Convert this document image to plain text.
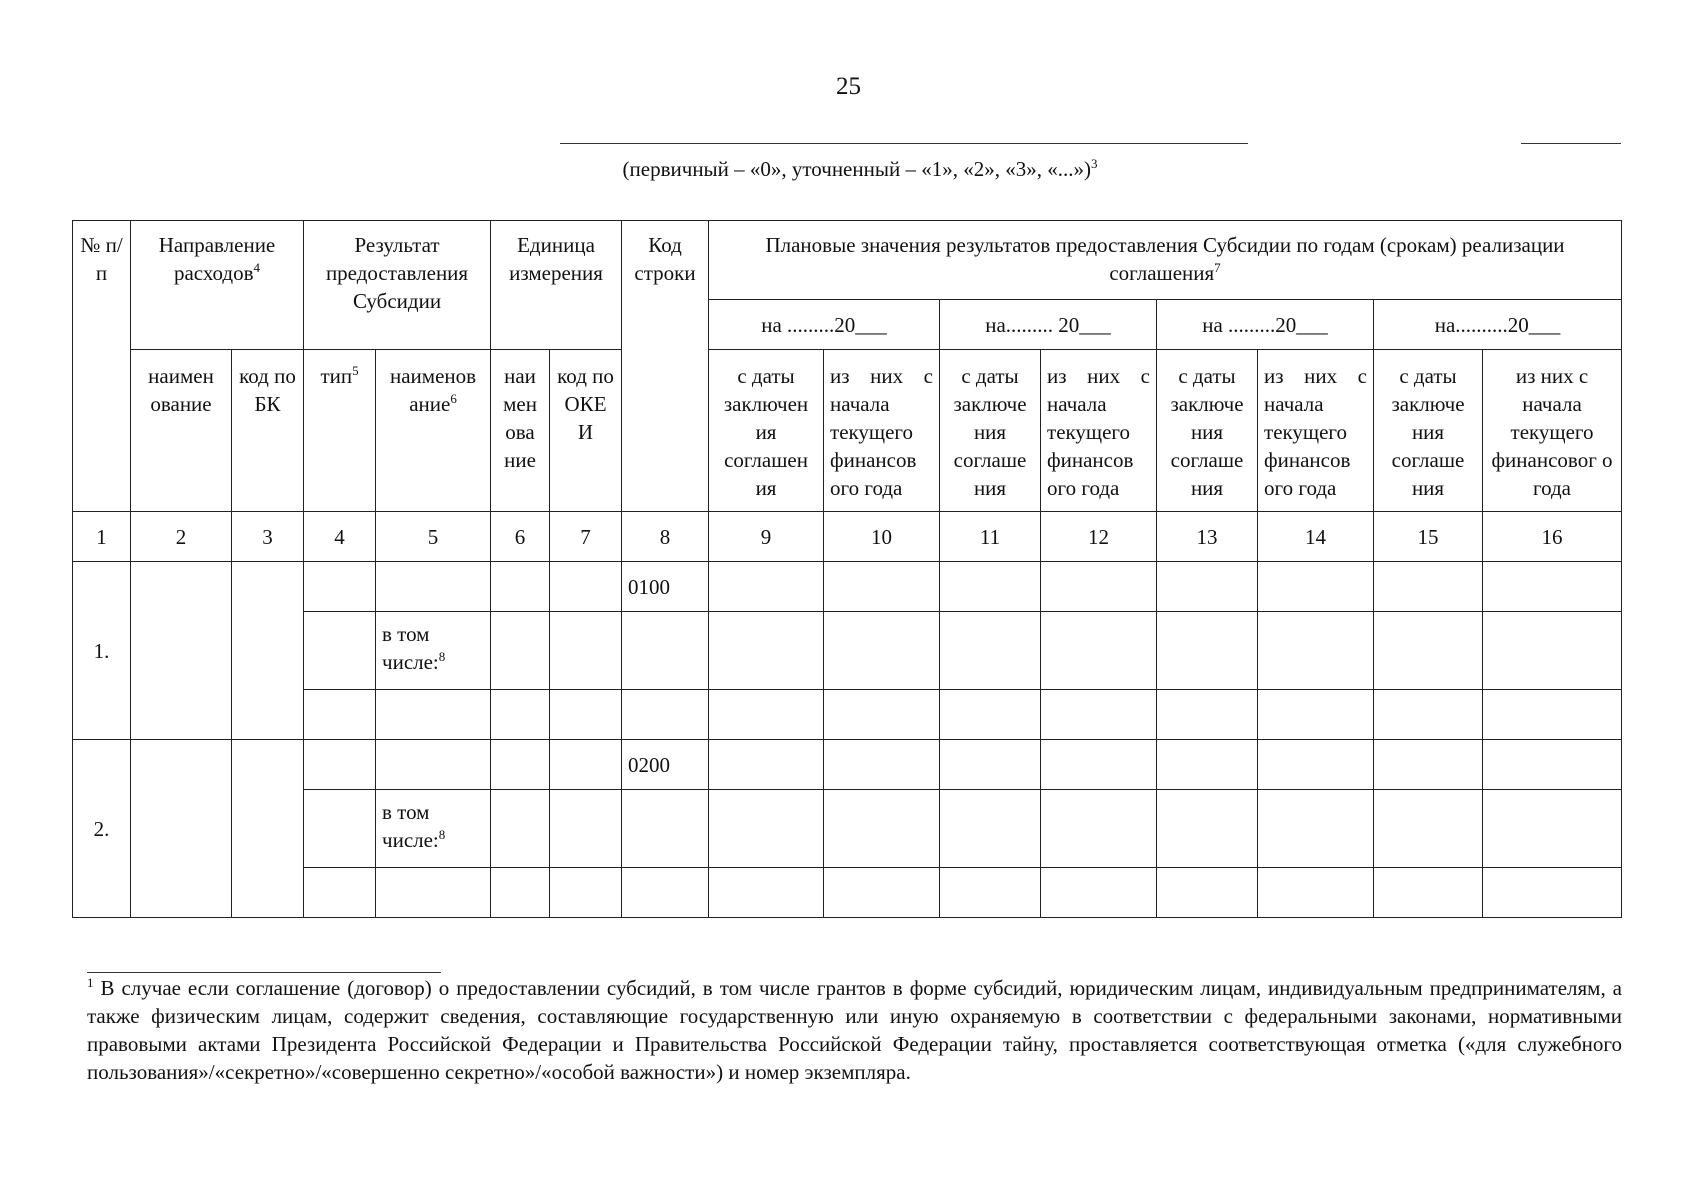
25
(первичный – «0», уточненный – «1», «2», «3», «...»)$^3$
№ п/п	Направление расходов$^4$		Результат предоставления Субсидии		Единица измерения		Код строки	Плановые значения результатов предоставления Субсидии по годам (срокам) реализации соглашения$^7$
								на .........20___		на......... 20___		на .........20___		на..........20___	
	наимен ование	код по БК	тип$^5$	наименов ание$^6$	наи мен ова ние	код по ОКЕ И		с даты заключен ия соглашен ия	из них с начала текущего финансов ого года	с даты заключе ния соглаше ния	из них с начала текущего финансов ого года	с даты заключе ния соглаше ния	из них с начала текущего финансов ого года	с даты заключе ния соглаше ния	из них с начала текущего финансовог о года
1	2	3	4	5	6	7	8	9	10	11	12	13	14	15	16
1.							0100								
				в том числе:$^8$											

2.							0200								
				в том числе:$^8$											

$^1$ В случае если соглашение (договор) о предоставлении субсидий, в том числе грантов в форме субсидий, юридическим лицам, индивидуальным предпринимателям, а также физическим лицам, содержит сведения, составляющие государственную или иную охраняемую в соответствии с федеральными законами, нормативными правовыми актами Президента Российской Федерации и Правительства Российской Федерации тайну, проставляется соответствующая отметка («для служебного пользования»/«секретно»/«совершенно секретно»/«особой важности») и номер экземпляра.
